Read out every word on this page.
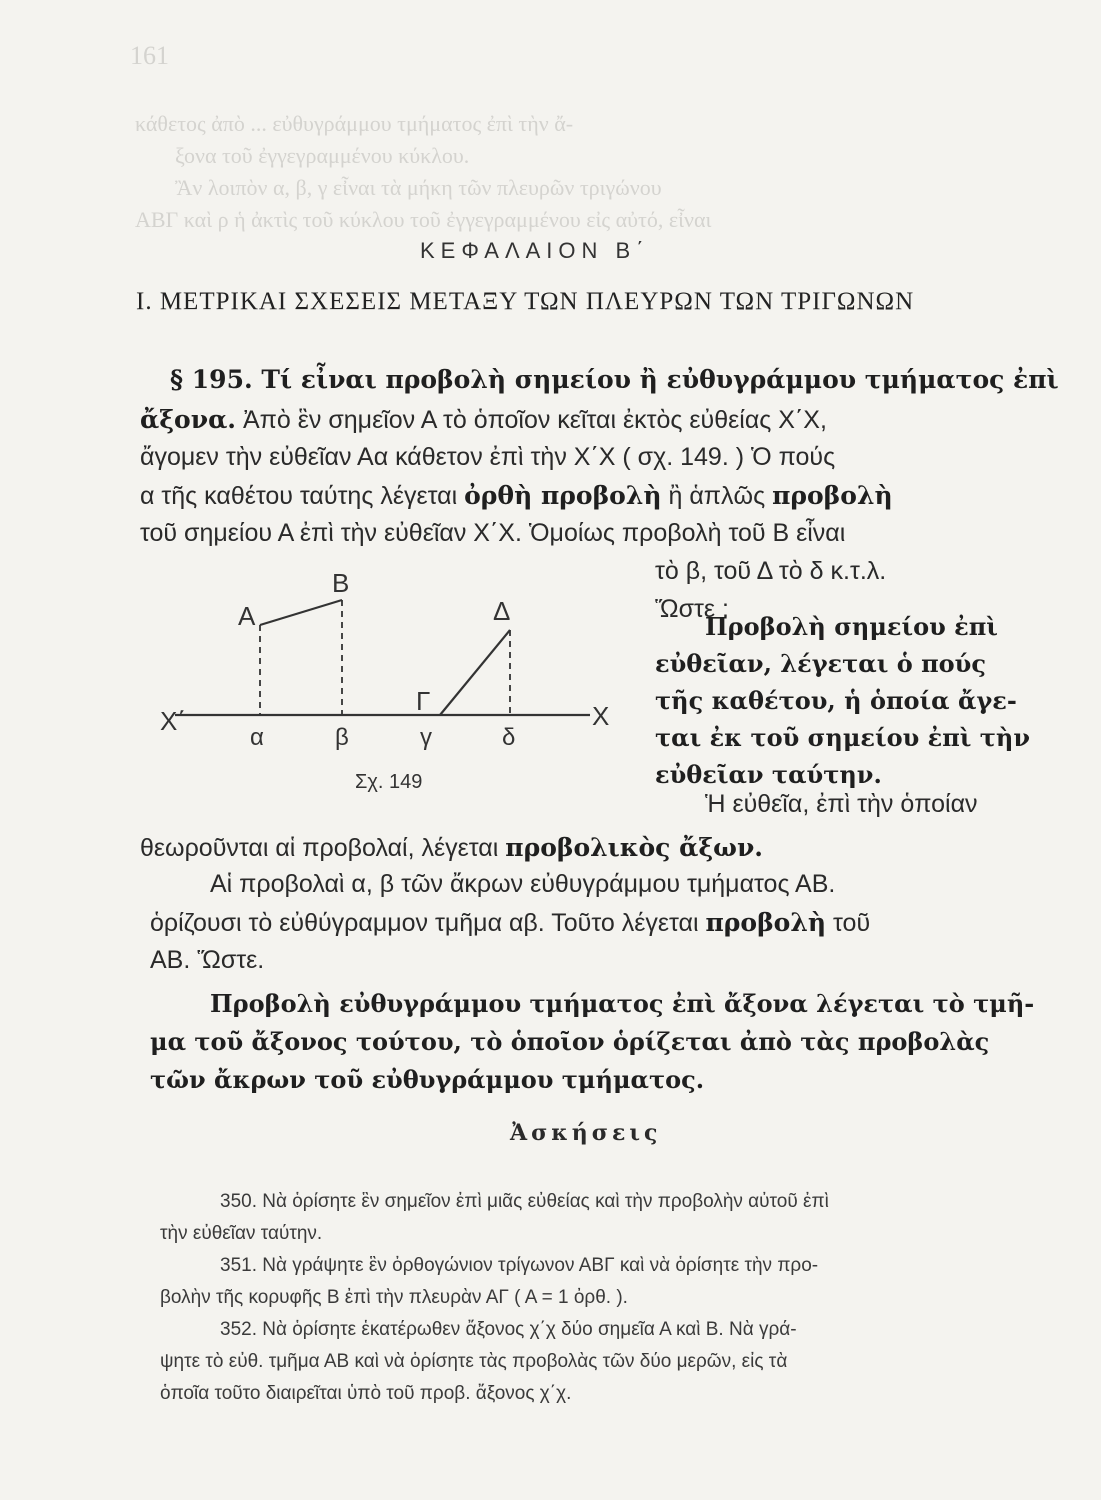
161
κάθετος ἀπὸ ... εὐθυγράμμου τμήματος ἐπὶ τὴν ἄ-
ξονα τοῦ ἐγγεγραμμένου κύκλου.
Ἂν λοιπὸν α, β, γ εἶναι τὰ μήκη τῶν πλευρῶν τριγώνου
ΑΒΓ καὶ ρ ἡ ἀκτὶς τοῦ κύκλου τοῦ ἐγγεγραμμένου εἰς αὐτό, εἶναι
ΚΕΦΑΛΑΙΟΝ Β΄
Ι. ΜΕΤΡΙΚΑΙ ΣΧΕΣΕΙΣ ΜΕΤΑΞΥ ΤΩΝ ΠΛΕΥΡΩΝ ΤΩΝ ΤΡΙΓΩΝΩΝ
§ 195. Τί εἶναι προβολὴ σημείου ἢ εὐθυγράμμου τμήματος ἐπὶ
ἄξονα. Ἀπὸ ἓν σημεῖον Α τὸ ὁποῖον κεῖται ἐκτὸς εὐθείας Χ΄Χ,
ἄγομεν τὴν εὐθεῖαν Αα κάθετον ἐπὶ τὴν Χ΄Χ ( σχ. 149. ) Ὁ πούς
α τῆς καθέτου ταύτης λέγεται ὀρθὴ προβολὴ ἢ ἁπλῶς προβολὴ
τοῦ σημείου Α ἐπὶ τὴν εὐθεῖαν Χ΄Χ. Ὁμοίως προβολὴ τοῦ Β εἶναι
τὸ β, τοῦ Δ τὸ δ κ.τ.λ.
Ὥστε :
Α
Β
Δ
Γ
α	β	γ	δ
Χ΄	Χ
Σχ. 149
Προβολὴ σημείου ἐπὶ
εὐθεῖαν, λέγεται ὁ πούς
τῆς καθέτου, ἡ ὁποία ἄγε-
ται ἐκ τοῦ σημείου ἐπὶ τὴν
εὐθεῖαν ταύτην.
Ἡ εὐθεῖα, ἐπὶ τὴν ὁποίαν
θεωροῦνται αἱ προβολαί, λέγεται προβολικὸς ἄξων.
Αἱ προβολαὶ α, β τῶν ἄκρων εὐθυγράμμου τμήματος ΑΒ.
ὁρίζουσι τὸ εὐθύγραμμον τμῆμα αβ. Τοῦτο λέγεται προβολὴ τοῦ
ΑΒ. Ὥστε.
Προβολὴ εὐθυγράμμου τμήματος ἐπὶ ἄξονα λέγεται τὸ τμῆ-
μα τοῦ ἄξονος τούτου, τὸ ὁποῖον ὁρίζεται ἀπὸ τὰς προβολὰς
τῶν ἄκρων τοῦ εὐθυγράμμου τμήματος.
Ἀσκήσεις
350. Νὰ ὁρίσητε ἓν σημεῖον ἐπὶ μιᾶς εὐθείας καὶ τὴν προβολὴν αὐτοῦ ἐπὶ
τὴν εὐθεῖαν ταύτην.
351. Νὰ γράψητε ἓν ὀρθογώνιον τρίγωνον ΑΒΓ καὶ νὰ ὁρίσητε τὴν προ-
βολὴν τῆς κορυφῆς Β ἐπὶ τὴν πλευρὰν ΑΓ ( Α = 1 ὀρθ. ).
352. Νὰ ὁρίσητε ἑκατέρωθεν ἄξονος χ΄χ δύο σημεῖα Α καὶ Β. Νὰ γρά-
ψητε τὸ εὐθ. τμῆμα ΑΒ καὶ νὰ ὁρίσητε τὰς προβολὰς τῶν δύο μερῶν, εἰς τὰ
ὁποῖα τοῦτο διαιρεῖται ὑπὸ τοῦ προβ. ἄξονος χ΄χ.
